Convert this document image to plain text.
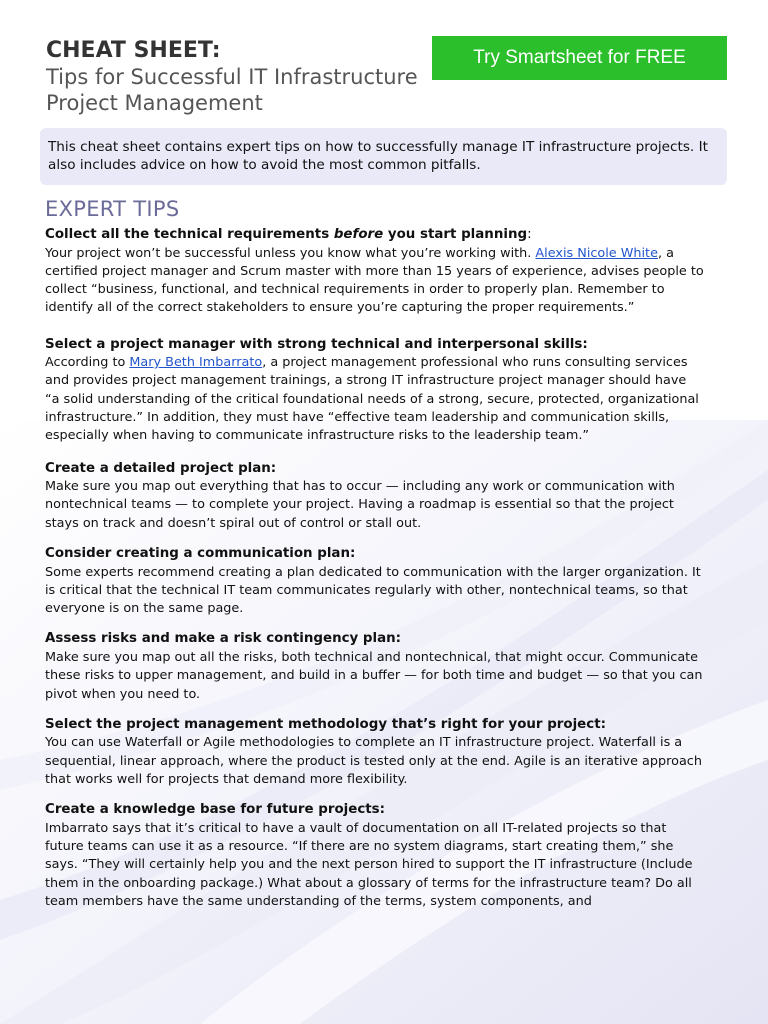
CHEAT SHEET:
Tips for Successful IT Infrastructure
Project Management
Try Smartsheet for FREE
This cheat sheet contains expert tips on how to successfully manage IT infrastructure projects. It also includes advice on how to avoid the most common pitfalls.
EXPERT TIPS
Collect all the technical requirements before you start planning:
Your project won’t be successful unless you know what you’re working with. Alexis Nicole White, a certified project manager and Scrum master with more than 15 years of experience, advises people to collect “business, functional, and technical requirements in order to properly plan. Remember to identify all of the correct stakeholders to ensure you’re capturing the proper requirements.”
Select a project manager with strong technical and interpersonal skills:
According to Mary Beth Imbarrato, a project management professional who runs consulting services and provides project management trainings, a strong IT infrastructure project manager should have
“a solid understanding of the critical foundational needs of a strong, secure, protected, organizational infrastructure.” In addition, they must have “effective team leadership and communication skills, especially when having to communicate infrastructure risks to the leadership team.”
Create a detailed project plan:
Make sure you map out everything that has to occur — including any work or communication with nontechnical teams — to complete your project. Having a roadmap is essential so that the project stays on track and doesn’t spiral out of control or stall out.
Consider creating a communication plan:
Some experts recommend creating a plan dedicated to communication with the larger organization. It is critical that the technical IT team communicates regularly with other, nontechnical teams, so that everyone is on the same page.
Assess risks and make a risk contingency plan:
Make sure you map out all the risks, both technical and nontechnical, that might occur. Communicate these risks to upper management, and build in a buffer — for both time and budget — so that you can pivot when you need to.
Select the project management methodology that’s right for your project:
You can use Waterfall or Agile methodologies to complete an IT infrastructure project. Waterfall is a sequential, linear approach, where the product is tested only at the end. Agile is an iterative approach that works well for projects that demand more flexibility.
Create a knowledge base for future projects:
Imbarrato says that it’s critical to have a vault of documentation on all IT-related projects so that future teams can use it as a resource. “If there are no system diagrams, start creating them,” she says. “They will certainly help you and the next person hired to support the IT infrastructure (Include them in the onboarding package.) What about a glossary of terms for the infrastructure team? Do all team members have the same understanding of the terms, system components, and
